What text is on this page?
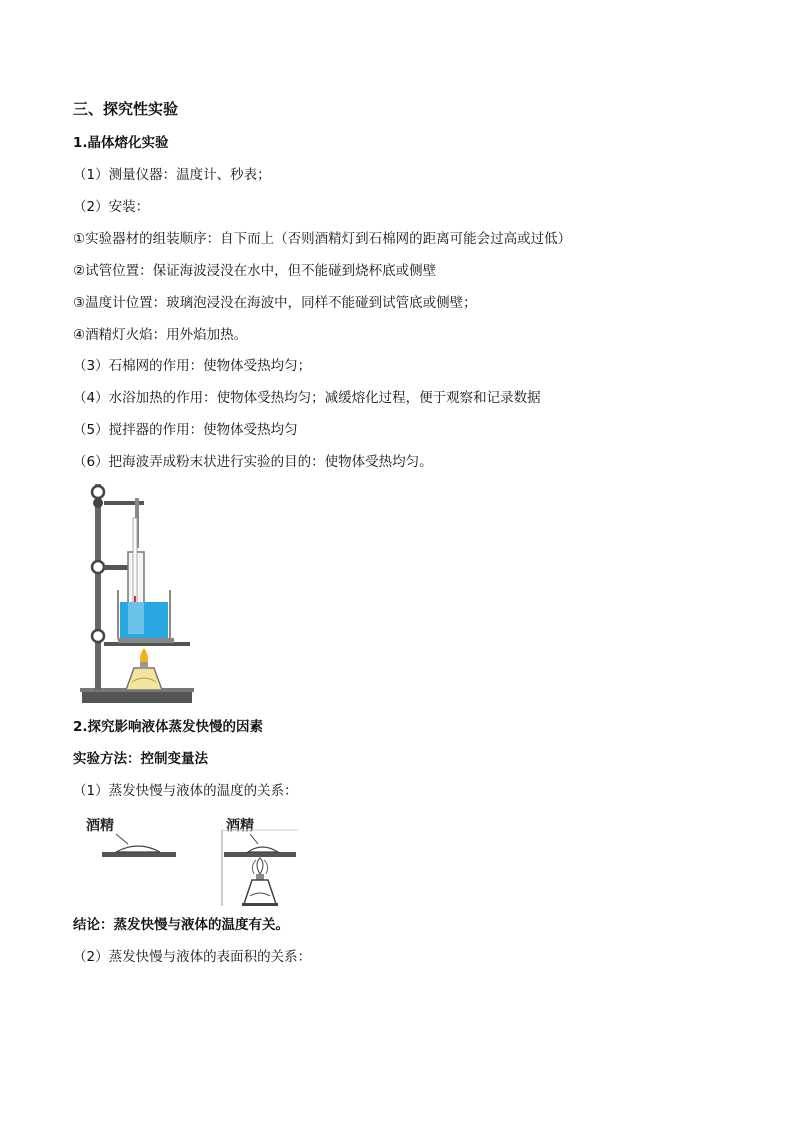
三、探究性实验
1.晶体熔化实验
（1）测量仪器：温度计、秒表；
（2）安装：
①实验器材的组装顺序：自下而上（否则酒精灯到石棉网的距离可能会过高或过低）
②试管位置：保证海波浸没在水中，但不能碰到烧杯底或侧壁
③温度计位置：玻璃泡浸没在海波中，同样不能碰到试管底或侧壁；
④酒精灯火焰：用外焰加热。
（3）石棉网的作用：使物体受热均匀；
（4）水浴加热的作用：使物体受热均匀；减缓熔化过程，便于观察和记录数据
（5）搅拌器的作用：使物体受热均匀
（6）把海波弄成粉末状进行实验的目的：使物体受热均匀。
2.探究影响液体蒸发快慢的因素
实验方法：控制变量法
（1）蒸发快慢与液体的温度的关系：
酒精	酒精
结论：蒸发快慢与液体的温度有关。
（2）蒸发快慢与液体的表面积的关系：
